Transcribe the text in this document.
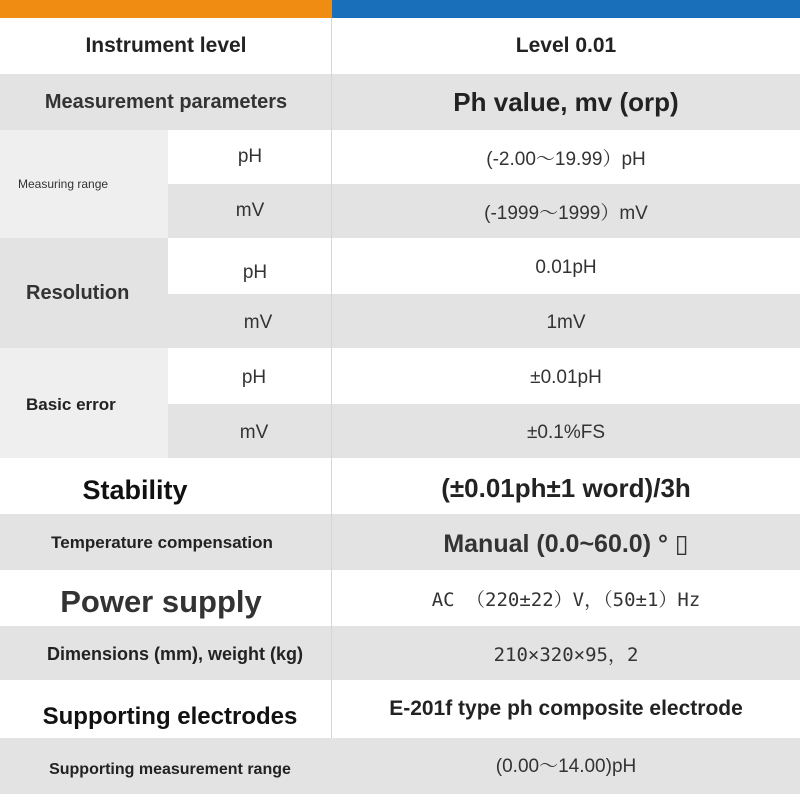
Instrument level	Level 0.01
Measurement parameters	Ph value, mv (orp)
Measuring range
pH	(-2.00～19.99）pH
mV	(-1999～1999）mV
Resolution
pH	0.01pH
mV	1mV
Basic error
pH	±0.01pH
mV	±0.1%FS
Stability	(±0.01ph±1 word)/3h
Temperature compensation	Manual (0.0~60.0) ° ▯
Power supply	AC （220±22）V，（50±1）Hz
Dimensions (mm), weight (kg)	210×320×95，2
Supporting electrodes	E-201f type ph composite electrode
Supporting measurement range	(0.00～14.00)pH
